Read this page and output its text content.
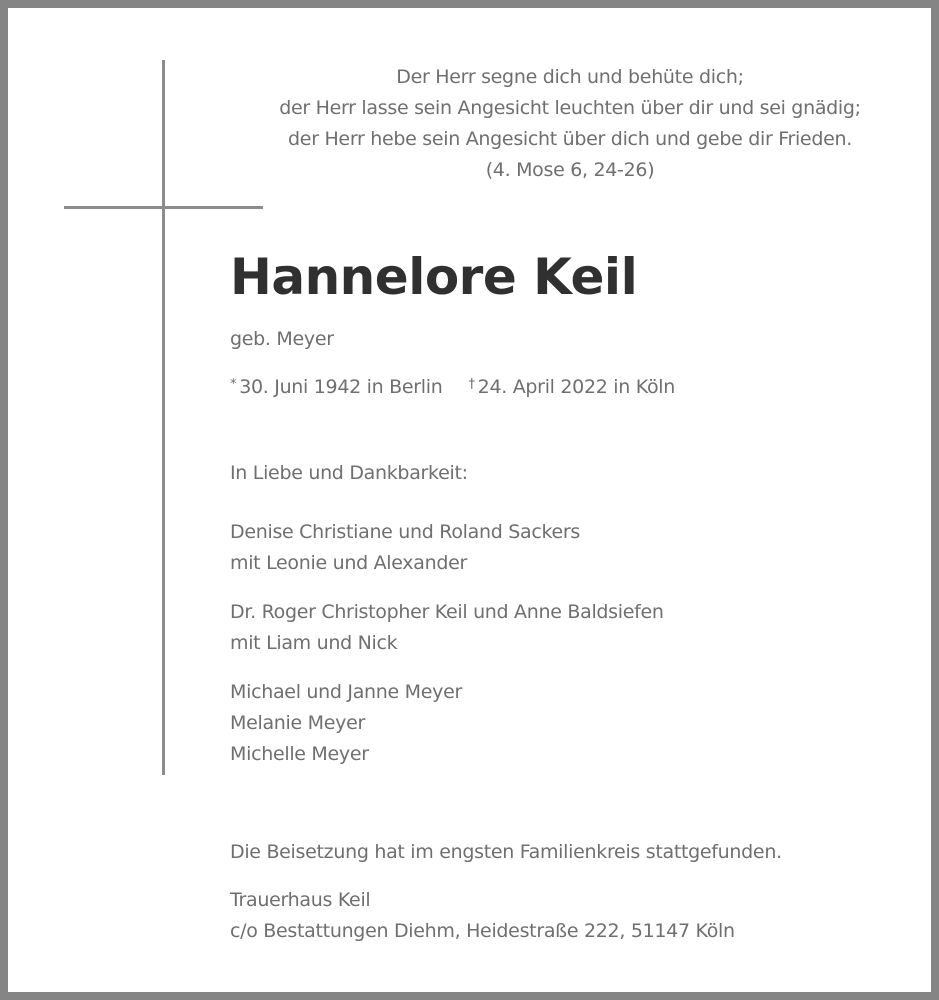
Der Herr segne dich und behüte dich;
der Herr lasse sein Angesicht leuchten über dir und sei gnädig;
der Herr hebe sein Angesicht über dich und gebe dir Frieden.
(4. Mose 6, 24-26)
Hannelore Keil
geb. Meyer
* 30. Juni 1942 in Berlin † 24. April 2022 in Köln
In Liebe und Dankbarkeit:
Denise Christiane und Roland Sackers
mit Leonie und Alexander
Dr. Roger Christopher Keil und Anne Baldsiefen
mit Liam und Nick
Michael und Janne Meyer
Melanie Meyer
Michelle Meyer
Die Beisetzung hat im engsten Familienkreis stattgefunden.
Trauerhaus Keil
c/o Bestattungen Diehm, Heidestraße 222, 51147 Köln
